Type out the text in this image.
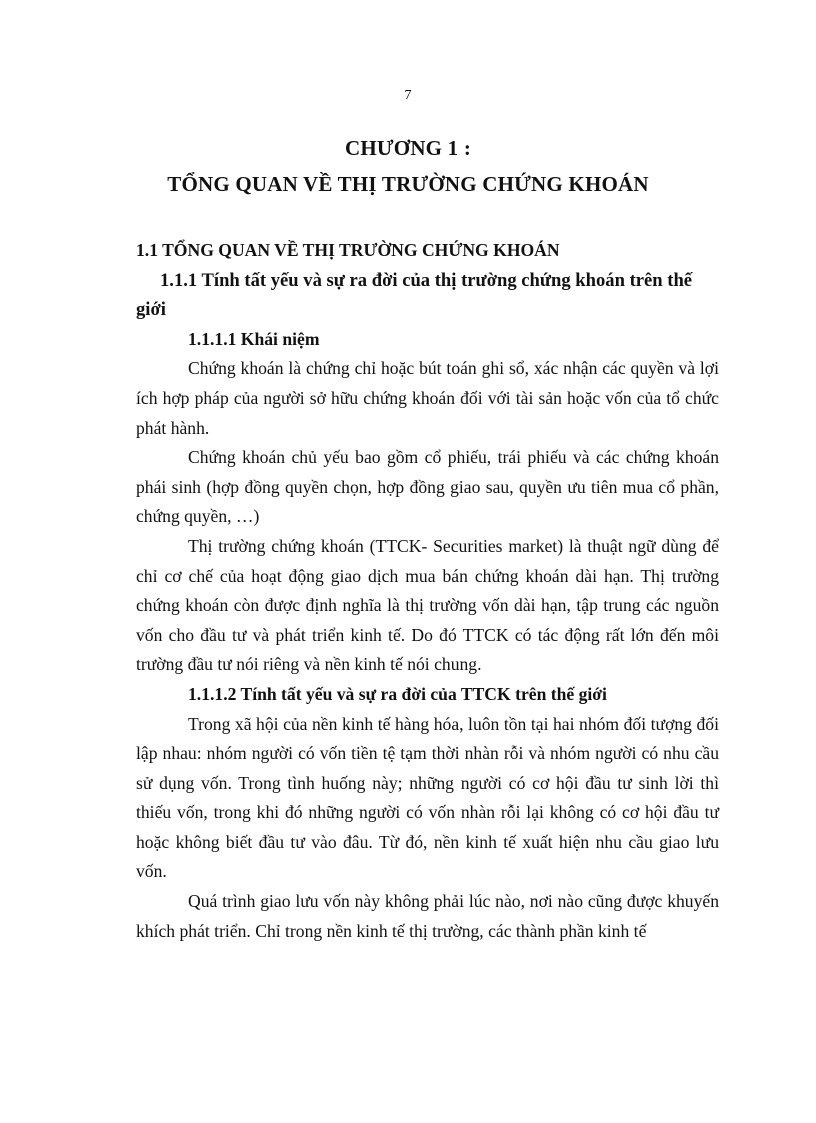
7
CHƯƠNG 1 :
TỔNG QUAN VỀ THỊ TRƯỜNG CHỨNG KHOÁN

1.1 TỔNG QUAN VỀ THỊ TRƯỜNG CHỨNG KHOÁN

1.1.1 Tính tất yếu và sự ra đời của thị trường chứng khoán trên thế giới

1.1.1.1 Khái niệm

Chứng khoán là chứng chỉ hoặc bút toán ghi sổ, xác nhận các quyền và lợi ích hợp pháp của người sở hữu chứng khoán đối với tài sản hoặc vốn của tổ chức phát hành.

Chứng khoán chủ yếu bao gồm cổ phiếu, trái phiếu và các chứng khoán phái sinh (hợp đồng quyền chọn, hợp đồng giao sau, quyền ưu tiên mua cổ phần, chứng quyền, …)

Thị trường chứng khoán (TTCK- Securities market) là thuật ngữ dùng để chỉ cơ chế của hoạt động giao dịch mua bán chứng khoán dài hạn. Thị trường chứng khoán còn được định nghĩa là thị trường vốn dài hạn, tập trung các nguồn vốn cho đầu tư và phát triển kinh tế. Do đó TTCK có tác động rất lớn đến môi trường đầu tư nói riêng và nền kinh tế nói chung.

1.1.1.2 Tính tất yếu và sự ra đời của TTCK trên thế giới

Trong xã hội của nền kinh tế hàng hóa, luôn tồn tại hai nhóm đối tượng đối lập nhau: nhóm người có vốn tiền tệ tạm thời nhàn rỗi và nhóm người có nhu cầu sử dụng vốn. Trong tình huống này; những người có cơ hội đầu tư sinh lời thì thiếu vốn, trong khi đó những người có vốn nhàn rỗi lại không có cơ hội đầu tư hoặc không biết đầu tư vào đâu. Từ đó, nền kinh tế xuất hiện nhu cầu giao lưu vốn.

Quá trình giao lưu vốn này không phải lúc nào, nơi nào cũng được khuyến khích phát triển. Chỉ trong nền kinh tế thị trường, các thành phần kinh tế
